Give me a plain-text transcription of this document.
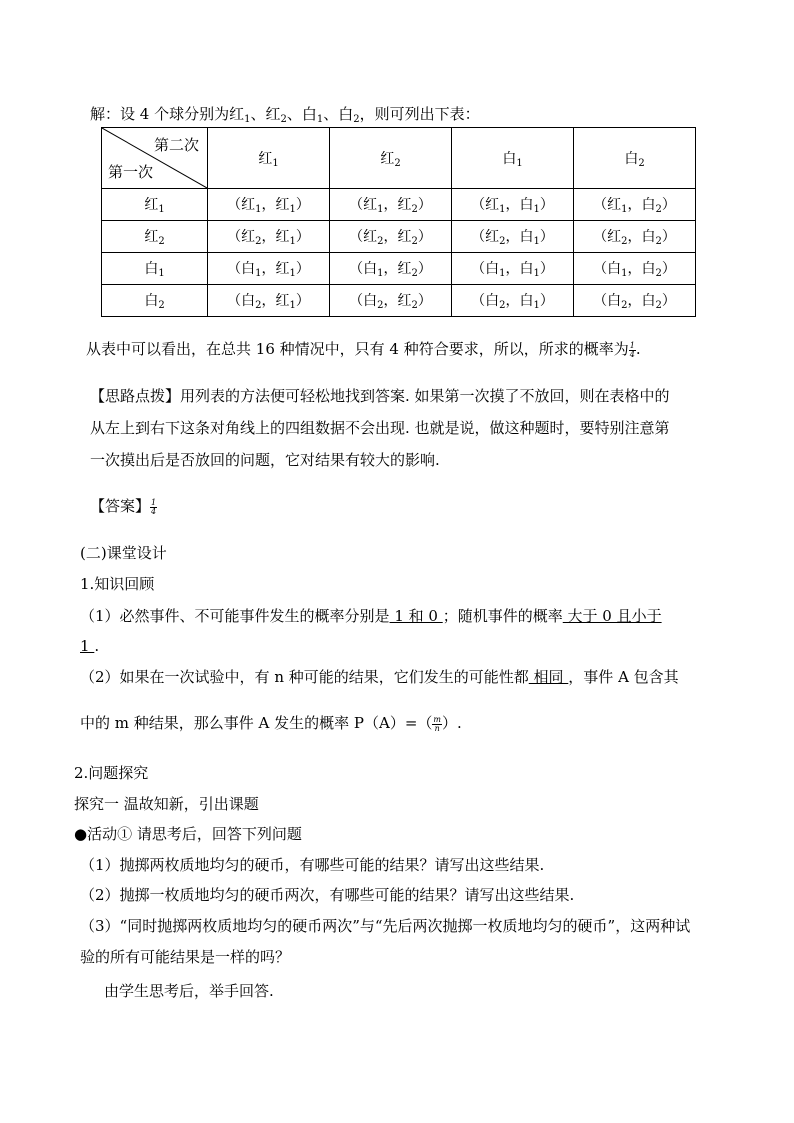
解：设 4 个球分别为红$_1$、红$_2$、白$_1$、白$_2$，则可列出下表：
第二次
第一次	红$_1$	红$_2$	白$_1$	白$_2$
红$_1$	（红$_1$，红$_1$）	（红$_1$，红$_2$）	（红$_1$，白$_1$）	（红$_1$，白$_2$）
红$_2$	（红$_2$，红$_1$）	（红$_2$，红$_2$）	（红$_2$，白$_1$）	（红$_2$，白$_2$）
白$_1$	（白$_1$，红$_1$）	（白$_1$，红$_2$）	（白$_1$，白$_1$）	（白$_1$，白$_2$）
白$_2$	（白$_2$，红$_1$）	（白$_2$，红$_2$）	（白$_2$，白$_1$）	（白$_2$，白$_2$）
从表中可以看出，在总共 16 种情况中，只有 4 种符合要求，所以，所求的概率为 $\frac{1}{4}$ .
【思路点拨】用列表的方法便可轻松地找到答案. 如果第一次摸了不放回，则在表格中的
从左上到右下这条对角线上的四组数据不会出现. 也就是说，做这种题时，要特别注意第
一次摸出后是否放回的问题，它对结果有较大的影响.
【答案】 $\frac{1}{4}$
(二)课堂设计
1.知识回顾
（1）必然事件、不可能事件发生的概率分别是 1 和 0 ；随机事件的概率 大于 0 且小于
1 .
（2）如果在一次试验中，有 n 种可能的结果，它们发生的可能性都 相同 ，事件 A 包含其
中的 m 种结果，那么事件 A 发生的概率 $P(A)=( \frac{m}{n}$ ）.
2.问题探究
探究一 温故知新，引出课题
●活动① 请思考后，回答下列问题
（1）抛掷两枚质地均匀的硬币，有哪些可能的结果？请写出这些结果.
（2）抛掷一枚质地均匀的硬币两次，有哪些可能的结果？请写出这些结果.
（3）“同时抛掷两枚质地均匀的硬币两次”与“先后两次抛掷一枚质地均匀的硬币”，这两种试
验的所有可能结果是一样的吗？
由学生思考后，举手回答.
